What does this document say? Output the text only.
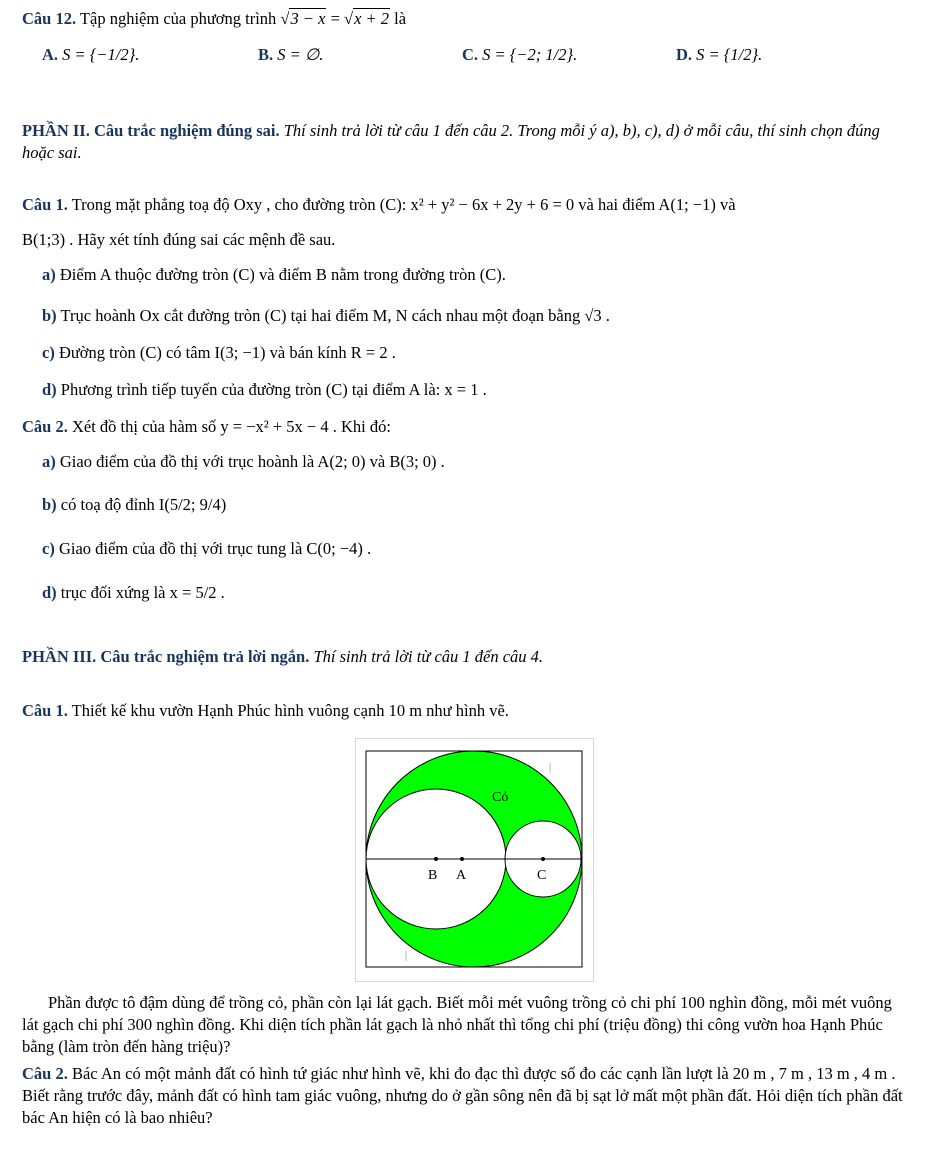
Câu 12. Tập nghiệm của phương trình √3 − x = √x + 2 là
A. S = {−1/2}.	B. S = ∅.	C. S = {−2; 1/2}.	D. S = {1/2}.
PHẦN II. Câu trắc nghiệm đúng sai. Thí sinh trả lời từ câu 1 đến câu 2. Trong mỗi ý a), b), c), d) ở mỗi câu, thí sinh chọn đúng hoặc sai.
Câu 1. Trong mặt phẳng toạ độ Oxy , cho đường tròn (C): x² + y² − 6x + 2y + 6 = 0 và hai điểm A(1; −1) và
B(1;3) . Hãy xét tính đúng sai các mệnh đề sau.
a) Điểm A thuộc đường tròn (C) và điểm B nằm trong đường tròn (C).
b) Trục hoành Ox cắt đường tròn (C) tại hai điểm M, N cách nhau một đoạn bằng √3 .
c) Đường tròn (C) có tâm I(3; −1) và bán kính R = 2 .
d) Phương trình tiếp tuyến của đường tròn (C) tại điểm A là: x = 1 .
Câu 2. Xét đồ thị của hàm số y = −x² + 5x − 4 . Khi đó:
a) Giao điểm của đồ thị với trục hoành là A(2; 0) và B(3; 0) .
b) có toạ độ đỉnh I(5/2; 9/4)
c) Giao điểm của đồ thị với trục tung là C(0; −4) .
d) trục đối xứng là x = 5/2 .
PHẦN III. Câu trắc nghiệm trả lời ngắn. Thí sinh trả lời từ câu 1 đến câu 4.
Câu 1. Thiết kế khu vườn Hạnh Phúc hình vuông cạnh 10 m như hình vẽ.
Cỏ
B A	C
Phần được tô đậm dùng để trồng cỏ, phần còn lại lát gạch. Biết mỗi mét vuông trồng cỏ chi phí 100 nghìn đồng, mỗi mét vuông lát gạch chi phí 300 nghìn đồng. Khi diện tích phần lát gạch là nhỏ nhất thì tổng chi phí (triệu đồng) thi công vườn hoa Hạnh Phúc bằng (làm tròn đến hàng triệu)?
Câu 2. Bác An có một mảnh đất có hình tứ giác như hình vẽ, khi đo đạc thì được số đo các cạnh lần lượt là 20 m , 7 m , 13 m , 4 m . Biết rằng trước đây, mảnh đất có hình tam giác vuông, nhưng do ở gần sông nên đã bị sạt lở mất một phần đất. Hỏi diện tích phần đất bác An hiện có là bao nhiêu?
